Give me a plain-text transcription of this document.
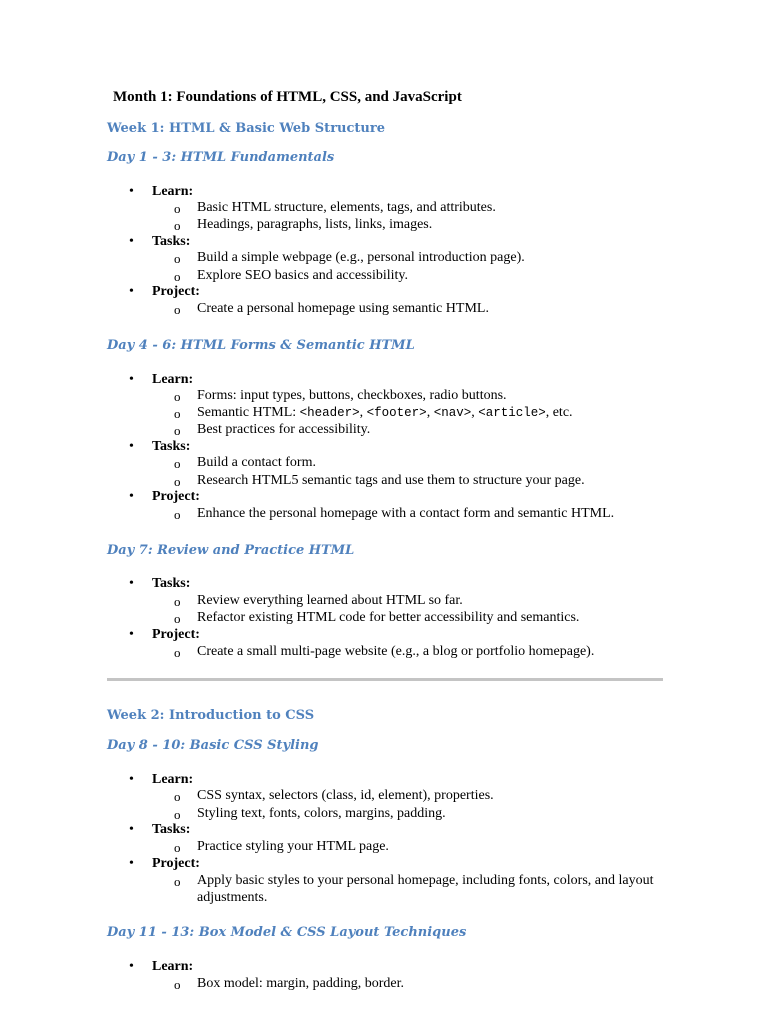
Month 1: Foundations of HTML, CSS, and JavaScript
Week 1: HTML & Basic Web Structure
Day 1 - 3: HTML Fundamentals
• Learn:
o Basic HTML structure, elements, tags, and attributes.
o Headings, paragraphs, lists, links, images.
• Tasks:
o Build a simple webpage (e.g., personal introduction page).
o Explore SEO basics and accessibility.
• Project:
o Create a personal homepage using semantic HTML.
Day 4 - 6: HTML Forms & Semantic HTML
• Learn:
o Forms: input types, buttons, checkboxes, radio buttons.
o Semantic HTML: <header>, <footer>, <nav>, <article>, etc.
o Best practices for accessibility.
• Tasks:
o Build a contact form.
o Research HTML5 semantic tags and use them to structure your page.
• Project:
o Enhance the personal homepage with a contact form and semantic HTML.
Day 7: Review and Practice HTML
• Tasks:
o Review everything learned about HTML so far.
o Refactor existing HTML code for better accessibility and semantics.
• Project:
o Create a small multi-page website (e.g., a blog or portfolio homepage).
Week 2: Introduction to CSS
Day 8 - 10: Basic CSS Styling
• Learn:
o CSS syntax, selectors (class, id, element), properties.
o Styling text, fonts, colors, margins, padding.
• Tasks:
o Practice styling your HTML page.
• Project:
o Apply basic styles to your personal homepage, including fonts, colors, and layout adjustments.
Day 11 - 13: Box Model & CSS Layout Techniques
• Learn:
o Box model: margin, padding, border.
